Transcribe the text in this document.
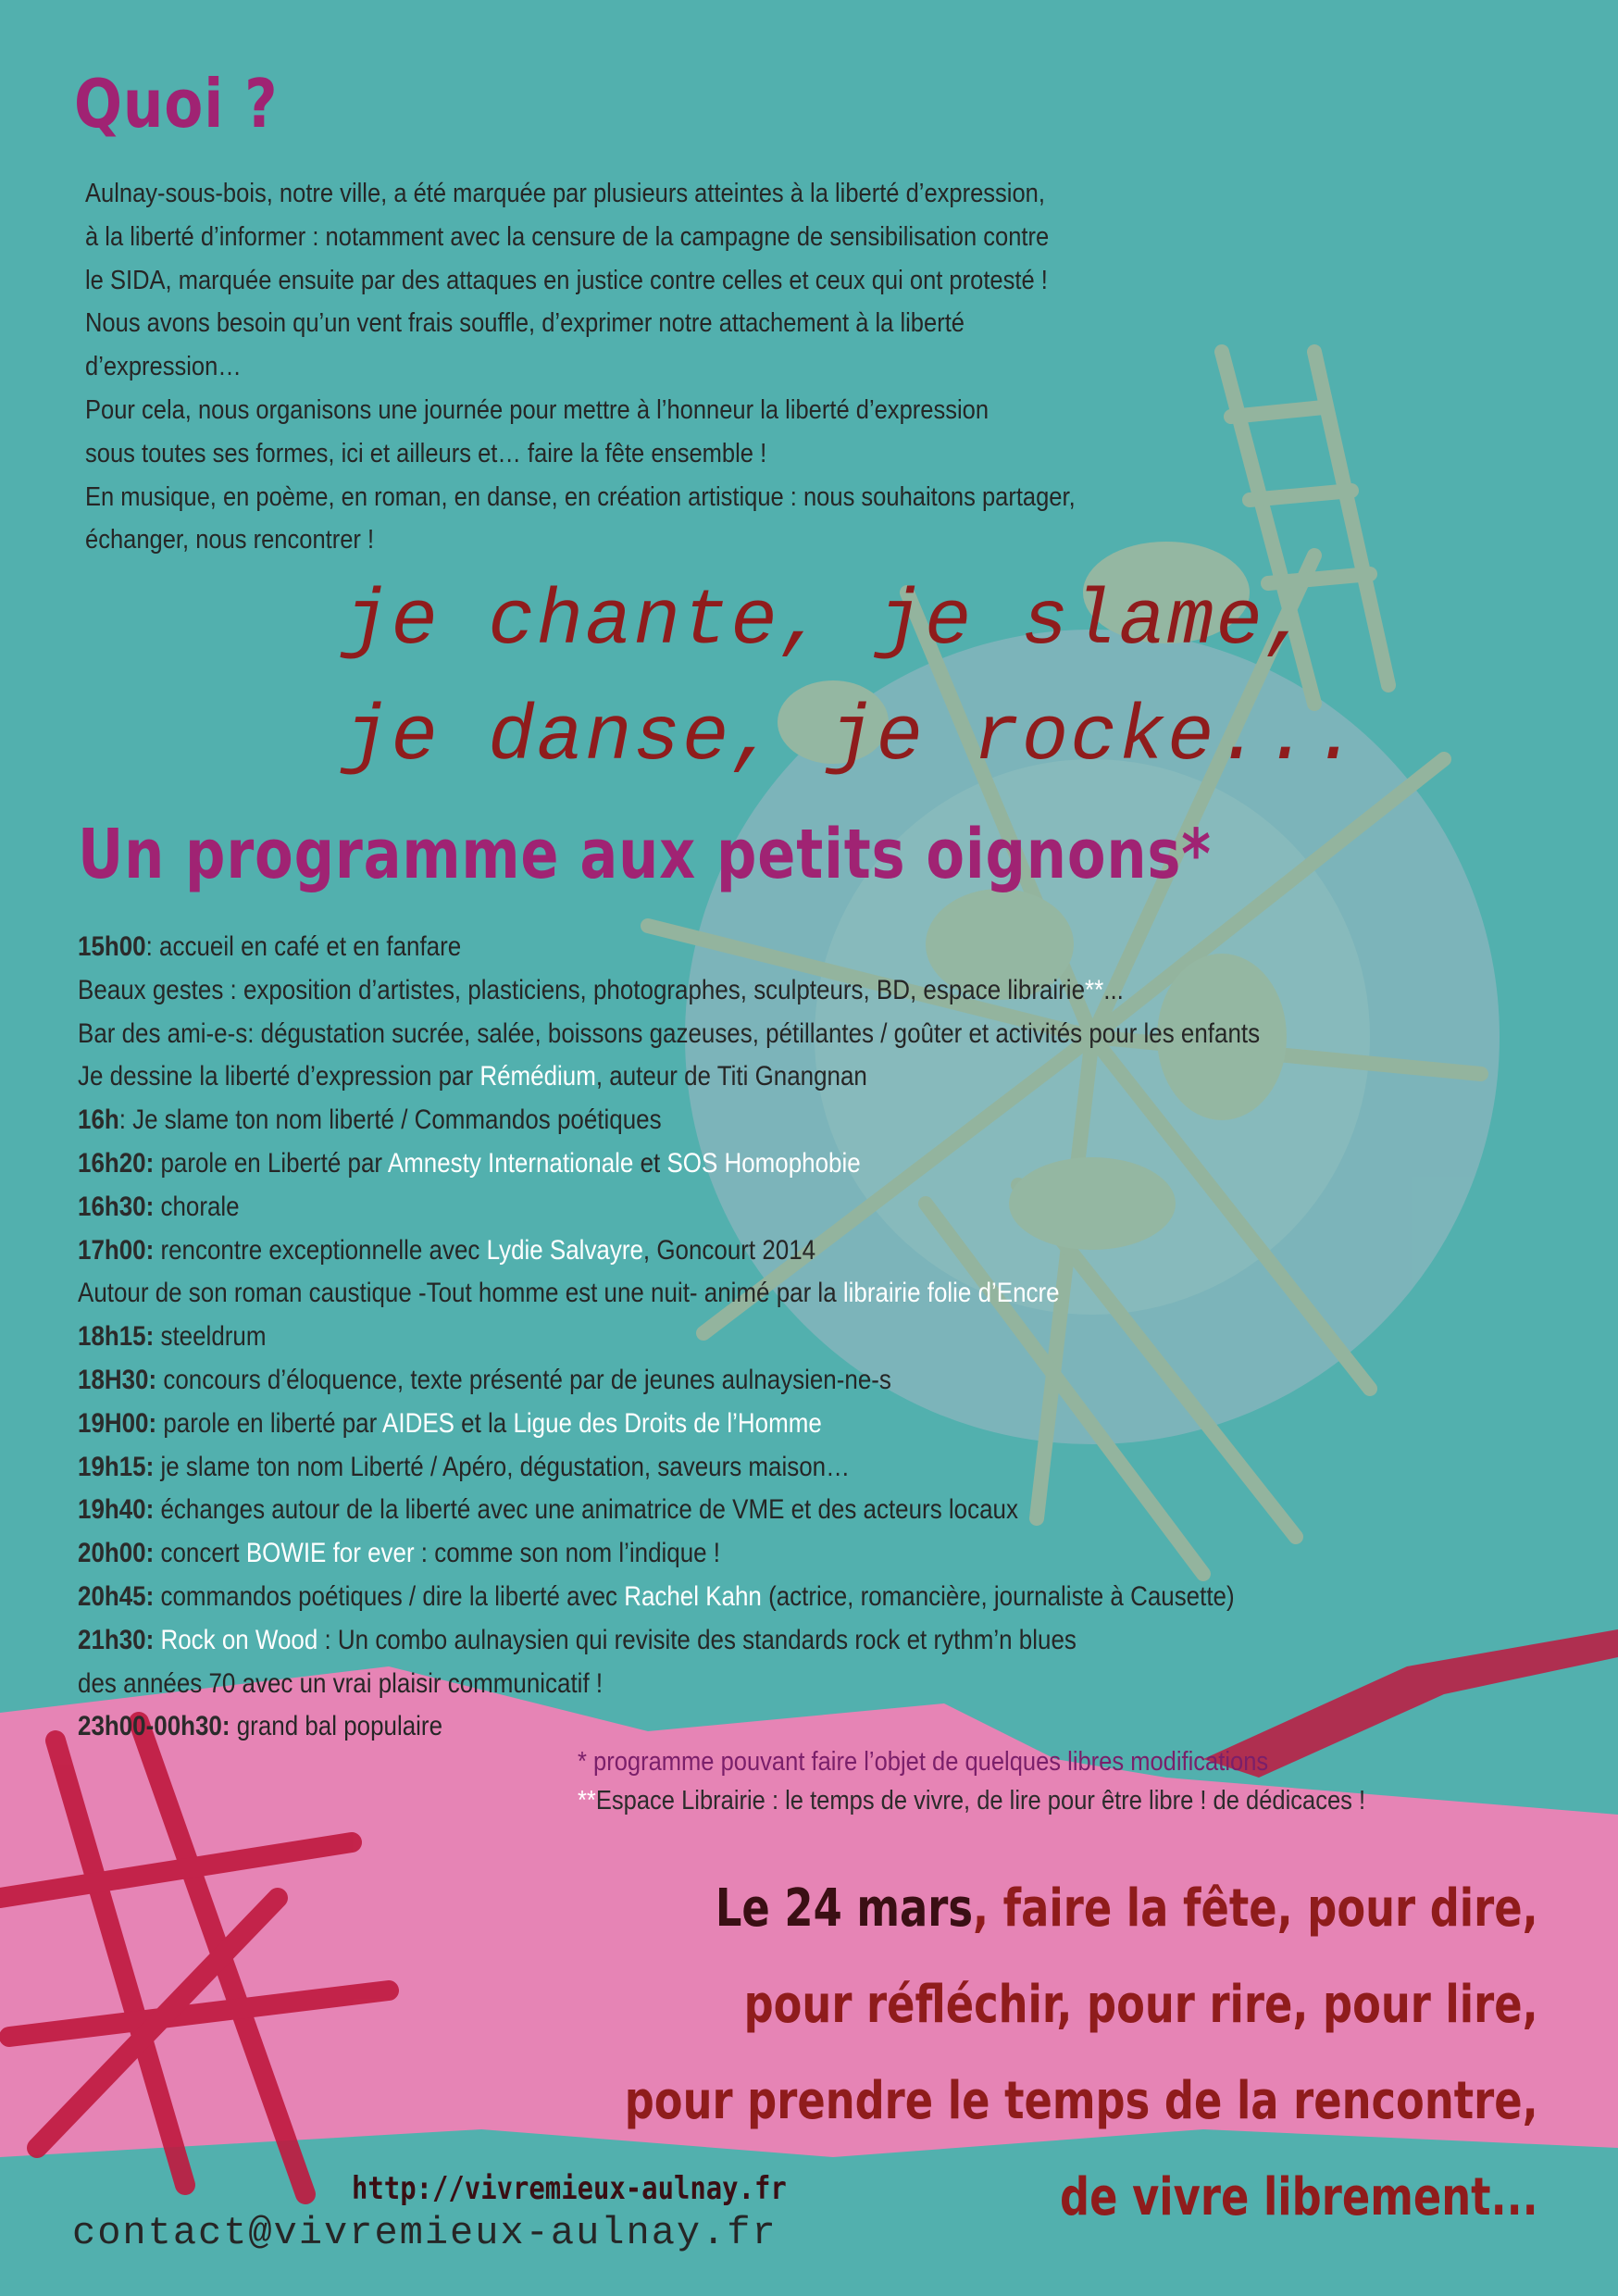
Quoi ?

Aulnay-sous-bois, notre ville, a été marquée par plusieurs atteintes à la liberté d’expression,

à la liberté d’informer : notamment avec la censure de la campagne de sensibilisation contre

le SIDA, marquée ensuite par des attaques en justice contre celles et ceux qui ont protesté !

Nous avons besoin qu’un vent frais souffle, d’exprimer notre attachement à la liberté

d’expression…

Pour cela, nous organisons une journée pour mettre à l’honneur la liberté d’expression

sous toutes ses formes, ici et ailleurs et… faire la fête ensemble !

En musique, en poème, en roman, en danse, en création artistique : nous souhaitons partager,

échanger, nous rencontrer !

je chante, je slame,
je danse, je rocke...
Un programme aux petits oignons*
15h00: accueil en café et en fanfare
Beaux gestes : exposition d’artistes, plasticiens, photographes, sculpteurs, BD, espace librairie**...
Bar des ami-e-s: dégustation sucrée, salée, boissons gazeuses, pétillantes / goûter et activités pour les enfants
Je dessine la liberté d’expression par Rémédium, auteur de Titi Gnangnan
16h: Je slame ton nom liberté / Commandos poétiques
16h20: parole en Liberté par Amnesty Internationale et SOS Homophobie
16h30: chorale
17h00: rencontre exceptionnelle avec Lydie Salvayre, Goncourt 2014
Autour de son roman caustique -Tout homme est une nuit- animé par la librairie folie d’Encre
18h15: steeldrum
18H30: concours d’éloquence, texte présenté par de jeunes aulnaysien-ne-s
19H00: parole en liberté par AIDES et la Ligue des Droits de l’Homme
19h15: je slame ton nom Liberté / Apéro, dégustation, saveurs maison…
19h40: échanges autour de la liberté avec une animatrice de VME et des acteurs locaux
20h00: concert BOWIE for ever : comme son nom l’indique !
20h45: commandos poétiques / dire la liberté avec Rachel Kahn (actrice, romancière, journaliste à Causette)
21h30: Rock on Wood : Un combo aulnaysien qui revisite des standards rock et rythm’n blues
des années 70 avec un vrai plaisir communicatif !
23h00-00h30: grand bal populaire
* programme pouvant faire l’objet de quelques libres modifications
**Espace Librairie : le temps de vivre, de lire pour être libre ! de dédicaces !
Le 24 mars, faire la fête, pour dire,
pour réfléchir, pour rire, pour lire,
pour prendre le temps de la rencontre,
de vivre librement...
http://vivremieux-aulnay.fr
contact@vivremieux-aulnay.fr
